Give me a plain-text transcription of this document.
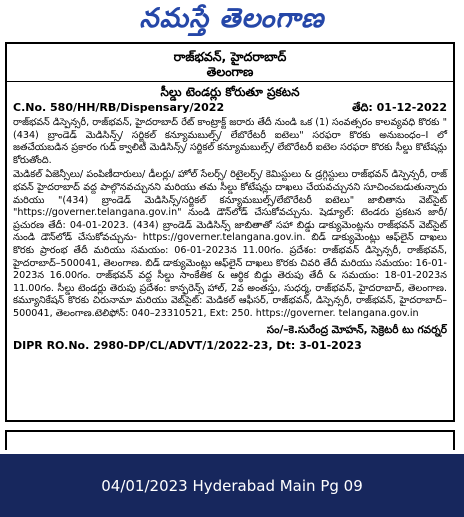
నమస్తే తెలంగాణ
రాజ్‌భవన్, హైదరాబాద్
తెలంగాణ
సీల్డు టెండర్లు కోరుతూ ప్రకటన
C.No. 580/HH/RB/Dispensary/2022	తేది: 01-12-2022
రాజ్‌భవన్ డిస్పెన్సరీ, రాజ్‌భవన్, హైదరాబాద్ రేట్ కాంట్రాక్ట్ జరారు తేదీ నుండి ఒక (1) సంవత్సరం కాలవ్యవధి కొరకు "(434) బ్రాండెడ్ మెడిసిన్స్/ సర్జికల్ కన్యూమబుల్స్/ లేబొరేటరీ ఐటెలు" సరఫరా కొరకు అనుబంధం–I లో జతచేయబడిన ప్రకారం గుడ్ క్వాలిటీ మెడిసిన్స్/ సర్జికల్ కన్యూమబుల్స్/ లేబొరేటరీ ఐటెల సరఫరా కొరకు సీల్డు కొటేషన్లు కోరుతోంది.
మెడికల్ ఏజెన్సీలు/ పంపిణీదారులు/ డీలర్లు/ హోల్ సేలర్స్/ రిటైలర్స్/ కెమిస్టులు & డ్రగ్గిస్టులు రాజ్‌భవన్ డిస్పెన్సరీ, రాజ్ భవన్ హైదరాబాద్ వద్ద పాల్గొనవచ్చునని మరియు తమ సీల్డు కోటేషన్లు దాఖలు చేయవచ్చునని సూచించబడుతున్నారు మరియు "(434) బ్రాండెడ్ మెడిసిన్స్/సర్జికల్ కన్యూమబుల్స్/లేబొరేటరీ ఐటెలు" జాబితాను వెబ్‌సైట్ "https://governer.telangana.gov.in" నుండి డౌన్‌లోడ్ చేసుకోవచ్చును. షెడ్యూల్: టెండరు ప్రకటన జారీ/ ప్రచురణ తేదీ: 04-01-2023. (434) బ్రాండెడ్ మెడిసిన్స్ జాబితాతో సహా బిడ్డు డాక్యుమెంట్లను రాజ్‌భవన్ వెబ్‌సైట్ నుండి డౌన్‌లోడ్ చేసుకోవచ్చును- https://governer.telangana.gov.in. బిడ్ డాక్యుమెంట్లు ఆఫ్‌లైన్ దాఖలు కొరకు ప్రారంభ తేదీ మరియు సమయం: 06-01-2023న 11.00గం. ప్రదేశం: రాజ్‌భవన్ డిస్పెన్సరీ, రాజ్‌భవన్, హైదరాబాద్–500041, తెలంగాణ. బిడ్ డాక్యుమెంట్లు ఆఫ్‌లైన్ దాఖలు కొరకు చివరి తేదీ మరియు సమయం: 16-01-2023న 16.00గం. రాజ్‌భవన్ వద్ద సీల్డు సాంకేతిక & ఆర్థిక బిడ్డు తెరుపు తేదీ & సమయం: 18-01-2023న 11.00గం. సీల్డు టెండర్లు తెరుపు ప్రదేశం: కాన్ఫరెన్స్ హాల్, 2వ అంతస్తు, సుధర్మ, రాజ్‌భవన్, హైదరాబాద్, తెలంగాణ. కమ్యూనికేషన్ కొరకు చిరునామా మరియు వెబ్‌సైట్: మెడికల్ ఆఫీసర్, రాజ్‌భవన్, డిస్పెన్సరీ, రాజ్‌భవన్, హైదరాబాద్–500041, తెలంగాణ.టెలిఫోన్: 040–23310521, Ext: 250. https://governer. telangana.gov.in
సం/–కె.సురేంద్ర మోహన్, సెక్రెటరీ టు గవర్నర్
DIPR RO.No. 2980-DP/CL/ADVT/1/2022-23, Dt: 3-01-2023
04/01/2023 Hyderabad Main Pg 09
